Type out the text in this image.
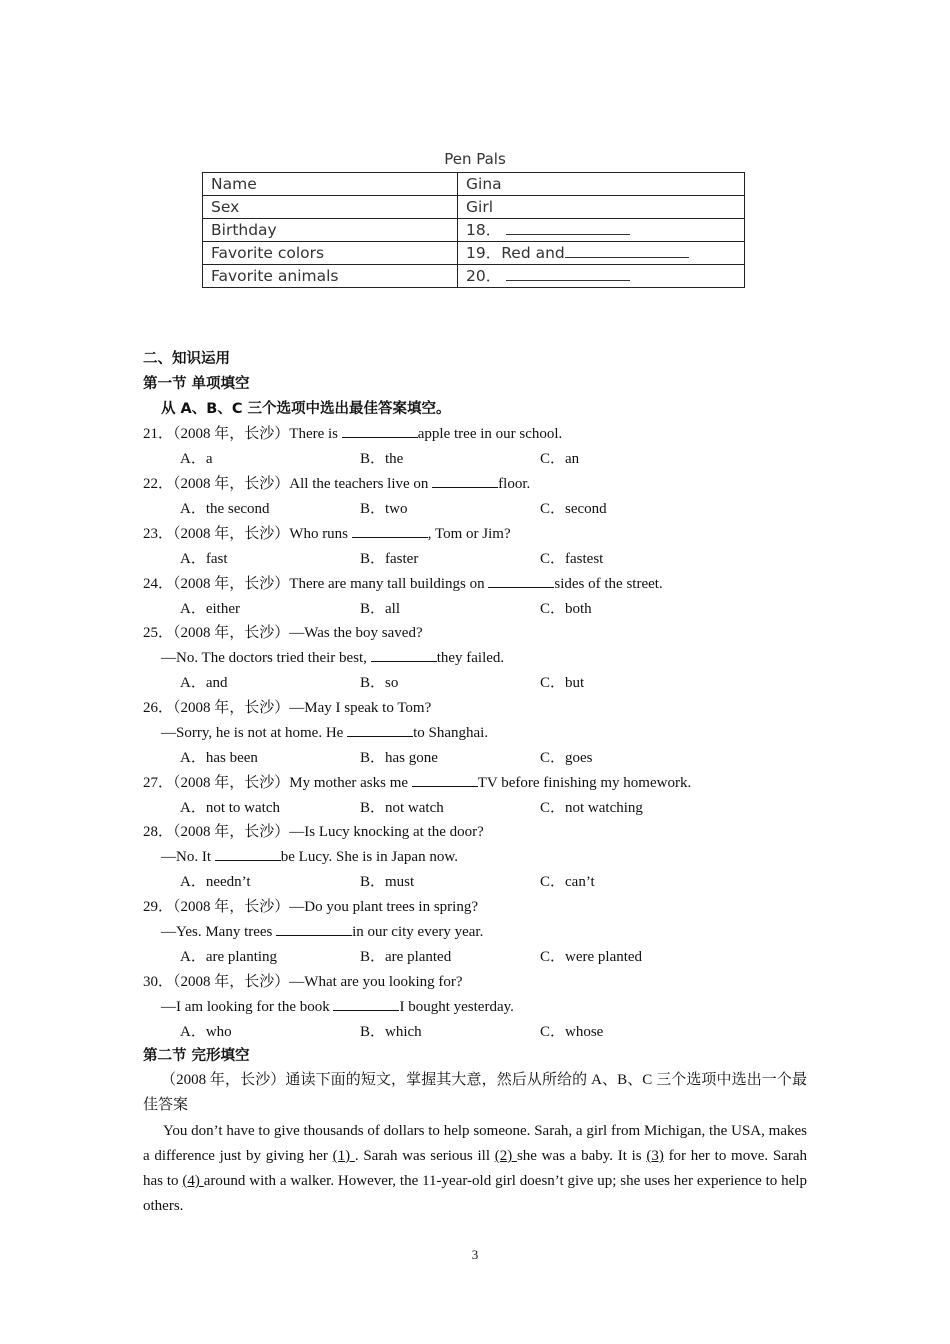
Pen Pals
Name	Gina
Sex	Girl
Birthday	18．
Favorite colors	19．Red and
Favorite animals	20．
二、知识运用
第一节 单项填空
从 A、B、C 三个选项中选出最佳答案填空。
21．（2008 年，长沙）There is	apple tree in our school.
A．a	B．the	C．an
22．（2008 年，长沙）All the teachers live on	floor.
A．the second	B．two	C．second
23．（2008 年，长沙）Who runs	, Tom or Jim?
A．fast	B．faster	C．fastest
24．（2008 年，长沙）There are many tall buildings on	sides of the street.
A．either	B．all	C．both
25．（2008 年，长沙）—Was the boy saved?
—No. The doctors tried their best,	they failed.
A．and	B．so	C．but
26．（2008 年，长沙）—May I speak to Tom?
—Sorry, he is not at home. He	to Shanghai.
A．has been	B．has gone	C．goes
27．（2008 年，长沙）My mother asks me	TV before finishing my homework.
A．not to watch	B．not watch	C．not watching
28．（2008 年，长沙）—Is Lucy knocking at the door?
—No. It	be Lucy. She is in Japan now.
A．needn’t	B．must	C．can’t
29．（2008 年，长沙）—Do you plant trees in spring?
—Yes. Many trees	in our city every year.
A．are planting	B．are planted	C．were planted
30．（2008 年，长沙）—What are you looking for?
—I am looking for the book	I bought yesterday.
A．who	B．which	C．whose
第二节 完形填空
（2008 年，长沙）通读下面的短文，掌握其大意，然后从所给的 A、B、C 三个选项中选出一个最佳答案
You don’t have to give thousands of dollars to help someone. Sarah, a girl from Michigan, the USA, makes a difference just by giving her (1) . Sarah was serious ill (2) she was a baby. It is (3) for her to move. Sarah has to (4) around with a walker. However, the 11-year-old girl doesn’t give up; she uses her experience to help others.
3
